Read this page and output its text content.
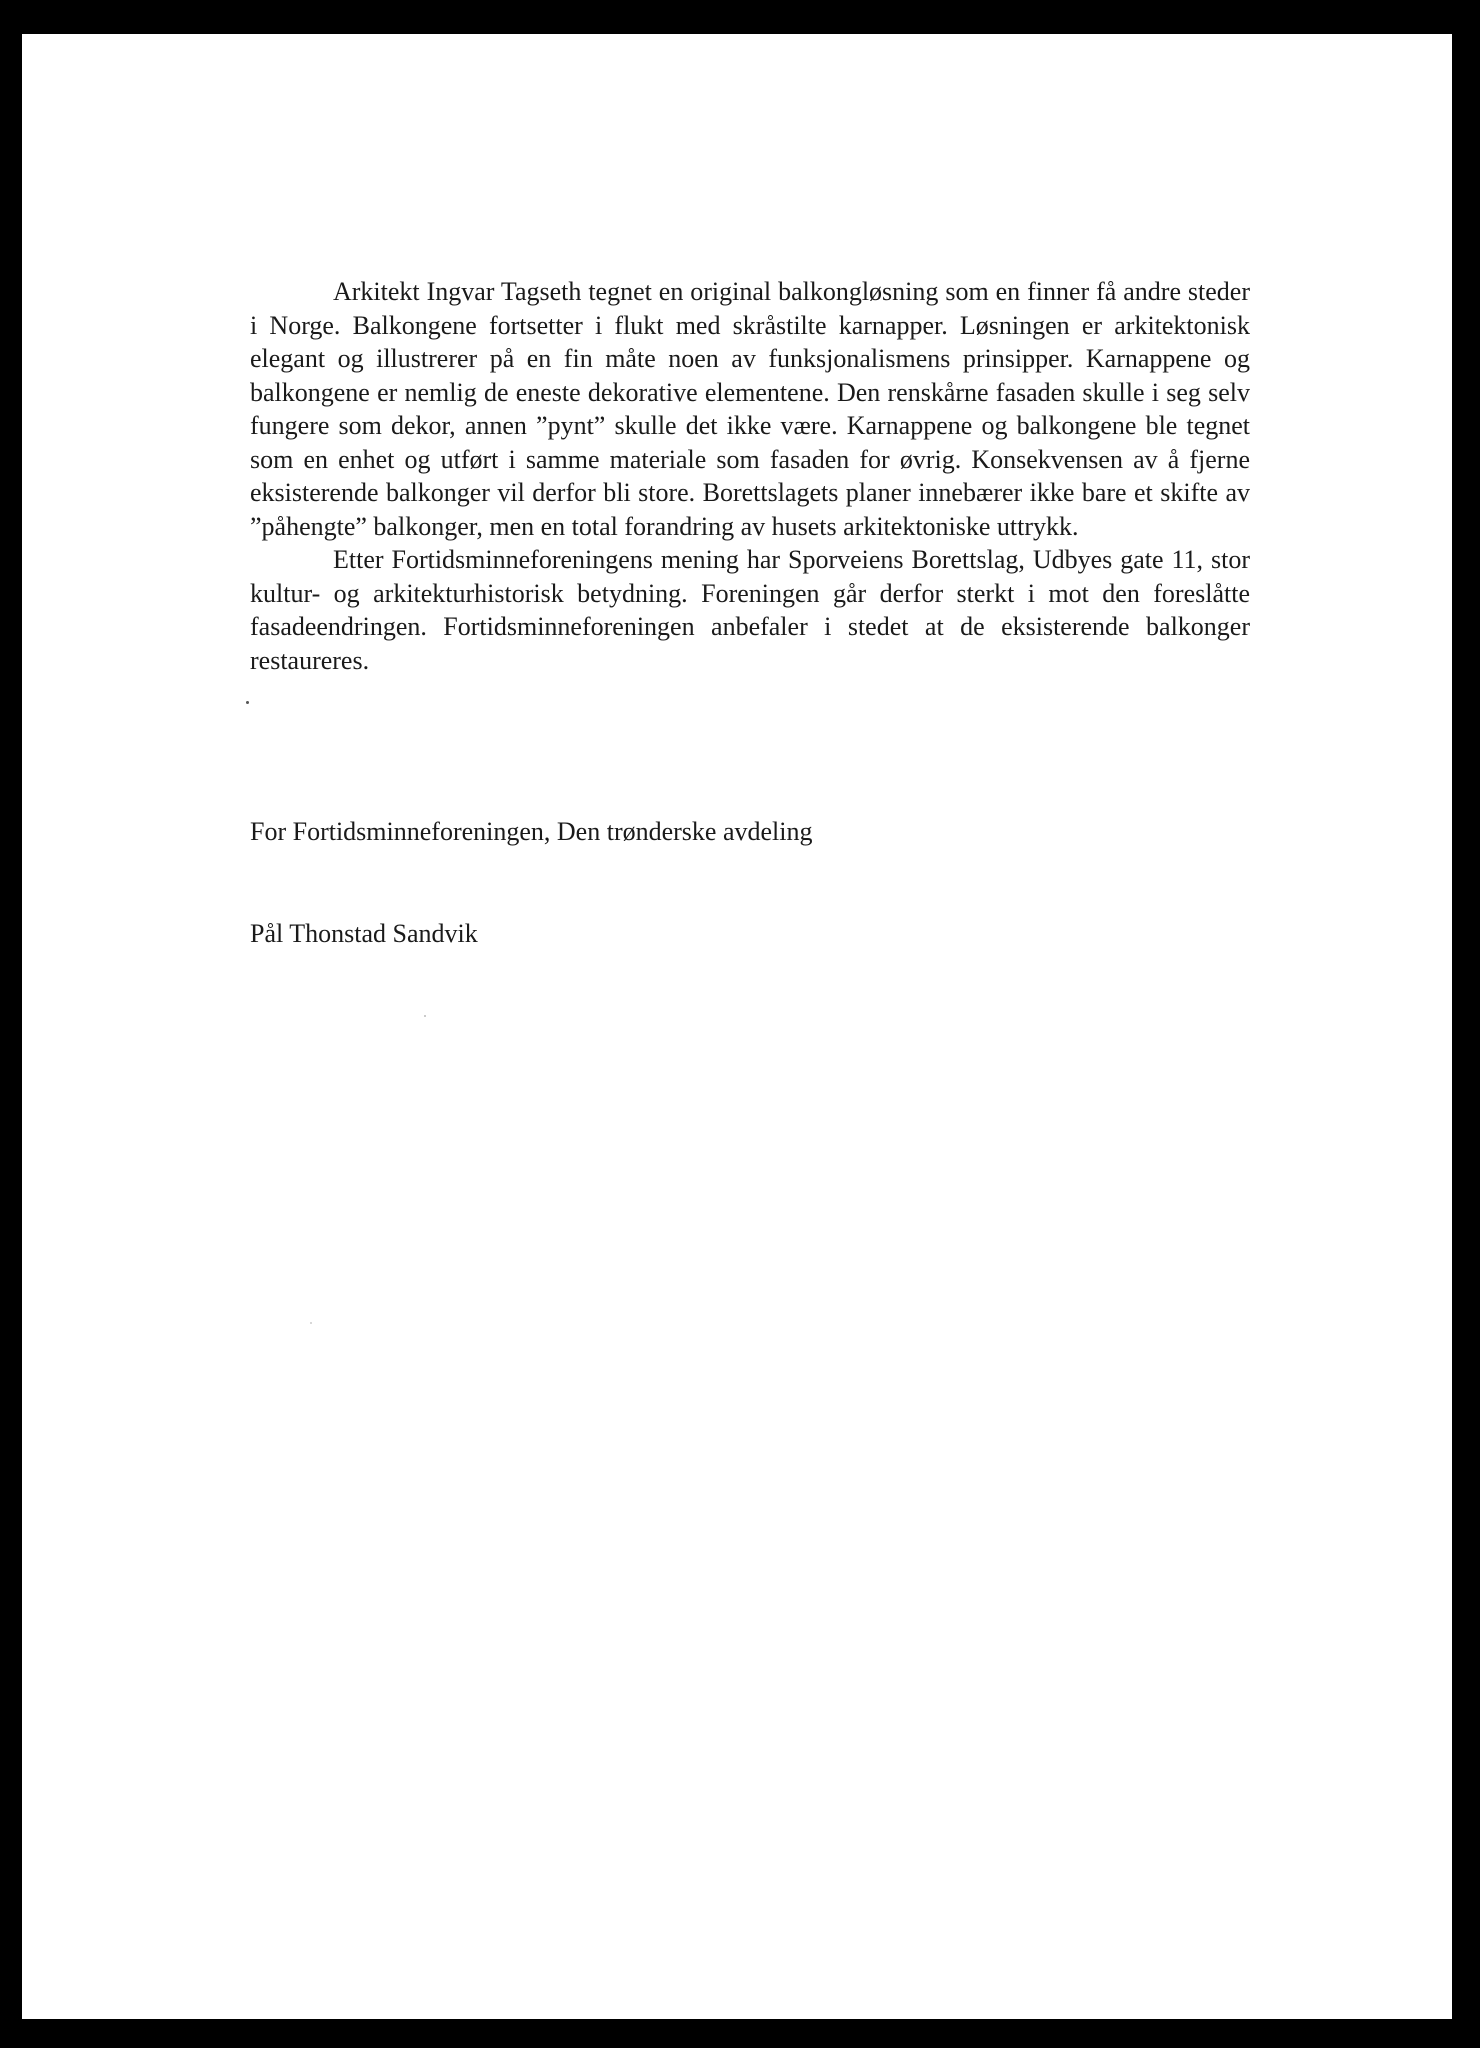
Arkitekt Ingvar Tagseth tegnet en original balkongløsning som en finner få andre steder i Norge. Balkongene fortsetter i flukt med skråstilte karnapper. Løsningen er arkitektonisk elegant og illustrerer på en fin måte noen av funksjonalismens prinsipper. Karnappene og balkongene er nemlig de eneste dekorative elementene. Den renskårne fasaden skulle i seg selv fungere som dekor, annen ”pynt” skulle det ikke være. Karnappene og balkongene ble tegnet som en enhet og utført i samme materiale som fasaden for øvrig. Konsekvensen av å fjerne eksisterende balkonger vil derfor bli store. Borettslagets planer innebærer ikke bare et skifte av ”påhengte” balkonger, men en total forandring av husets arkitektoniske uttrykk.

Etter Fortidsminneforeningens mening har Sporveiens Borettslag, Udbyes gate 11, stor kultur- og arkitekturhistorisk betydning. Foreningen går derfor sterkt i mot den foreslåtte fasadeendringen. Fortidsminneforeningen anbefaler i stedet at de eksisterende balkonger restaureres.

For Fortidsminneforeningen, Den trønderske avdeling
Pål Thonstad Sandvik
